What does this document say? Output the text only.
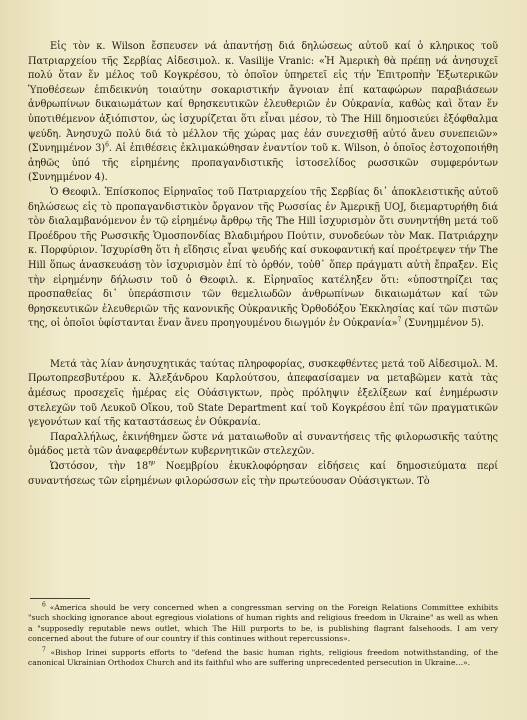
Εἰς τὸν κ. Wilson ἔσπευσεν νά ἀπαντήσῃ διά δηλώσεως αὐτοῦ καί ὁ κληρικος τοῦ Πατριαρχείου τῆς Σερβίας Αἰδεσιμολ. κ. Vasilije Vranic: «Ἡ Ἀμερικὴ θὰ πρέπῃ νά ἀνησυχεῖ πολύ ὅταν ἕν μέλος τοῦ Κογκρέσου, τὸ ὁποῖον ὑπηρετεῖ εἰς τήν Ἐπιτροπὴν Ἐξωτερικῶν Ὑποθέσεων ἐπιδεικνύη τοιαύτην σοκαριστικήν ἄγνοιαν ἐπί καταφώρων παραβιάσεων ἀνθρωπίνων δικαιωμάτων καί θρησκευτικῶν ἐλευθεριῶν ἐν Οὐκρανία, καθὼς καὶ ὅταν ἕν ὑποτιθέμενον ἀξιόπιστον, ὡς ἰσχυρίζεται ὅτι εἶναι μέσον, τὸ The Hill δημοσιεύει ἐξόφθαλμα ψεύδη. Ἀνησυχῶ πολύ διά τὸ μέλλον τῆς χώρας μας ἐάν συνεχισθῇ αὐτό ἄνευ συνεπειῶν» (Συνημμένον 3)$^6$. Αἱ ἐπιθέσεις ἐκλιμακώθησαν ἐναντίον τοῦ κ. Wilson, ὁ ὁποῖος ἐστοχοποιήθη ἀηθῶς ὑπό τῆς εἰρημένης προπαγανδιστικῆς ἱστοσελίδος ρωσσικῶν συμφερόντων (Συνημμένον 4).

Ὁ Θεοφιλ. Ἐπίσκοπος Εἰρηναῖος τοῦ Πατριαρχείου τῆς Σερβίας δι᾽ ἀποκλειστικῆς αὐτοῦ δηλώσεως εἰς τὸ προπαγανδιστικὸν ὄργανον τῆς Ρωσσίας ἐν Ἀμερικῇ UOJ, διεμαρτυρήθη διά τὸν διαλαμβανόμενον ἐν τῷ εἰρημένῳ ἄρθρῳ τῆς The Hill ἰσχυρισμὸν ὅτι συνηντήθη μετά τοῦ Προέδρου τῆς Ρωσσικῆς Ὁμοσπονδίας Βλαδιμήρου Πούτιν, συνοδεύων τὸν Μακ. Πατριάρχην κ. Πορφύριον. Ἰσχυρίσθη ὅτι ἡ εἴδησις εἶναι ψευδής καί συκοφαντική καί προέτρεψεν τήν The Hill ὅπως ἀνασκευάσῃ τὸν ἰσχυρισμὸν ἐπί τὸ ὀρθόν, τοὐθ᾽ ὅπερ πράγματι αὐτὴ ἔπραξεν. Εἰς τὴν εἰρημένην δήλωσιν τοῦ ὁ Θεοφιλ. κ. Εἰρηναῖος κατέληξεν ὅτι: «ὑποστηρίζει τας προσπαθείας δι᾽ ὑπεράσπισιν τῶν θεμελιωδῶν ἀνθρωπίνων δικαιωμάτων καί τῶν θρησκευτικῶν ἐλευθεριῶν τῆς κανονικῆς Οὐκρανικῆς Ὀρθοδόξου Ἐκκλησίας καί τῶν πιστῶν της, οἱ ὁποῖοι ὑφίστανται ἕναν ἄνευ προηγουμένου διωγμόν ἐν Οὐκρανία»$^7$ (Συνημμένον 5).

Μετά τὰς λίαν ἀνησυχητικάς ταύτας πληροφορίας, συσκεφθέντες μετά τοῦ Αἰδεσιμολ. Μ. Πρωτοπρεσβυτέρου κ. Ἀλεξάνδρου Καρλούτσου, ἀπεφασίσαμεν να μεταβῶμεν κατὰ τὰς ἀμέσως προσεχεῖς ἡμέρας εἰς Οὐάσιγκτων, πρὸς πρόληψιν ἐξελίξεων καί ἐνημέρωσιν στελεχῶν τοῦ Λευκοῦ Οἴκου, τοῦ State Department καί τοῦ Κογκρέσου ἐπί τῶν πραγματικῶν γεγονότων καί τῆς καταστάσεως ἐν Οὐκρανία.

Παραλλήλως, ἐκινήθημεν ὥστε νά ματαιωθοῦν αἱ συναντήσεις τῆς φιλορωσικῆς ταύτης ὁμάδος μετὰ τῶν ἀναφερθέντων κυβερνητικῶν στελεχῶν.

Ὡστόσον, τὴν $18^{\eta\nu}$ Νοεμβρίου ἐκυκλοφόρησαν εἰδήσεις καί δημοσιεύματα περί συναντήσεως τῶν εἰρημένων φιλορώσσων εἰς τὴν πρωτεύουσαν Οὐάσιγκτων. Τὸ

$^6$ «America should be very concerned when a congressman serving on the Foreign Relations Committee exhibits "such shocking ignorance about egregious violations of human rights and religious freedom in Ukraine" as well as when a "supposedly reputable news outlet, which The Hill purports to be, is publishing flagrant falsehoods. I am very concerned about the future of our country if this continues without repercussions».

$^7$ «Bishop Irinei supports efforts to "defend the basic human rights, religious freedom notwithstanding, of the canonical Ukrainian Orthodox Church and its faithful who are suffering unprecedented persecution in Ukraine…».
